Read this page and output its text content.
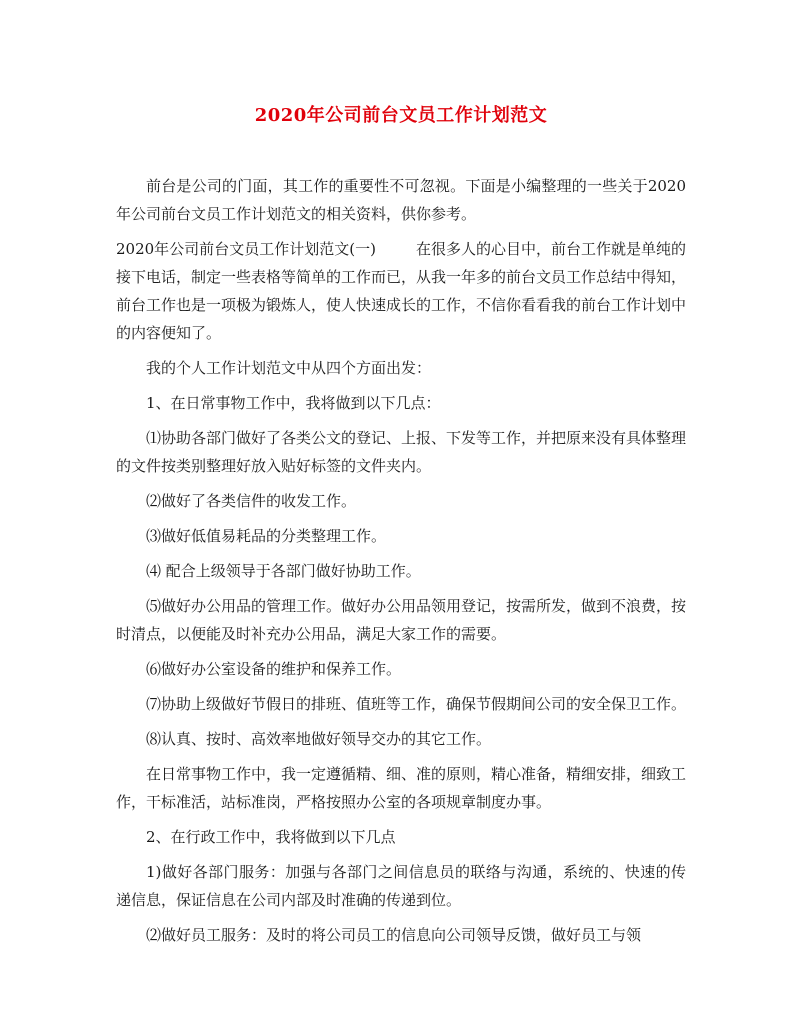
2020年公司前台文员工作计划范文

前台是公司的门面，其工作的重要性不可忽视。下面是小编整理的一些关于2020年公司前台文员工作计划范文的相关资料，供你参考。

2020年公司前台文员工作计划范文(一)	在很多人的心目中，前台工作就是单纯的接下电话，制定一些表格等简单的工作而已，从我一年多的前台文员工作总结中得知，前台工作也是一项极为锻炼人，使人快速成长的工作，不信你看看我的前台工作计划中的内容便知了。

我的个人工作计划范文中从四个方面出发：

1、在日常事物工作中，我将做到以下几点：

⑴协助各部门做好了各类公文的登记、上报、下发等工作，并把原来没有具体整理的文件按类别整理好放入贴好标签的文件夹内。

⑵做好了各类信件的收发工作。

⑶做好低值易耗品的分类整理工作。

⑷ 配合上级领导于各部门做好协助工作。

⑸做好办公用品的管理工作。做好办公用品领用登记，按需所发，做到不浪费，按时清点，以便能及时补充办公用品，满足大家工作的需要。

⑹做好办公室设备的维护和保养工作。

⑺协助上级做好节假日的排班、值班等工作，确保节假期间公司的安全保卫工作。

⑻认真、按时、高效率地做好领导交办的其它工作。

在日常事物工作中，我一定遵循精、细、准的原则，精心准备，精细安排，细致工作，干标准活，站标准岗，严格按照办公室的各项规章制度办事。

2、在行政工作中，我将做到以下几点

1)做好各部门服务：加强与各部门之间信息员的联络与沟通，系统的、快速的传递信息，保证信息在公司内部及时准确的传递到位。

⑵做好员工服务：及时的将公司员工的信息向公司领导反馈，做好员工与领
